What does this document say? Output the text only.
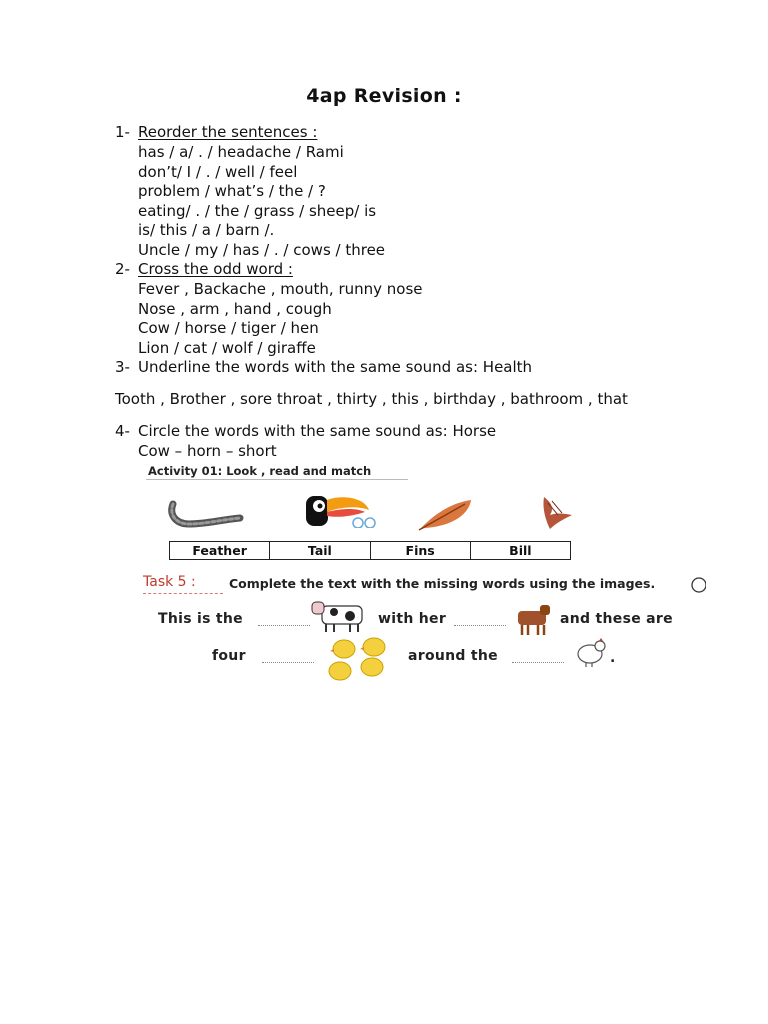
4ap Revision :
1- Reorder the sentences :
has / a/ . / headache / Rami
don’t/ I / . / well / feel
problem / what’s / the / ?
eating/ . / the / grass / sheep/ is
is/ this / a / barn /.
Uncle / my / has / . / cows / three
2- Cross the odd word :
Fever , Backache , mouth, runny nose
Nose , arm , hand , cough
Cow / horse / tiger / hen
Lion / cat / wolf / giraffe
3- Underline the words with the same sound as: Health
Tooth , Brother , sore throat , thirty , this , birthday , bathroom , that
4- Circle the words with the same sound as: Horse
Cow – horn – short
Activity 01: Look , read and match
Feather	Tail	Fins	Bill
Task 5 :	Complete the text with the missing words using the images.
This is the	with her	and these are
four	around the	.
